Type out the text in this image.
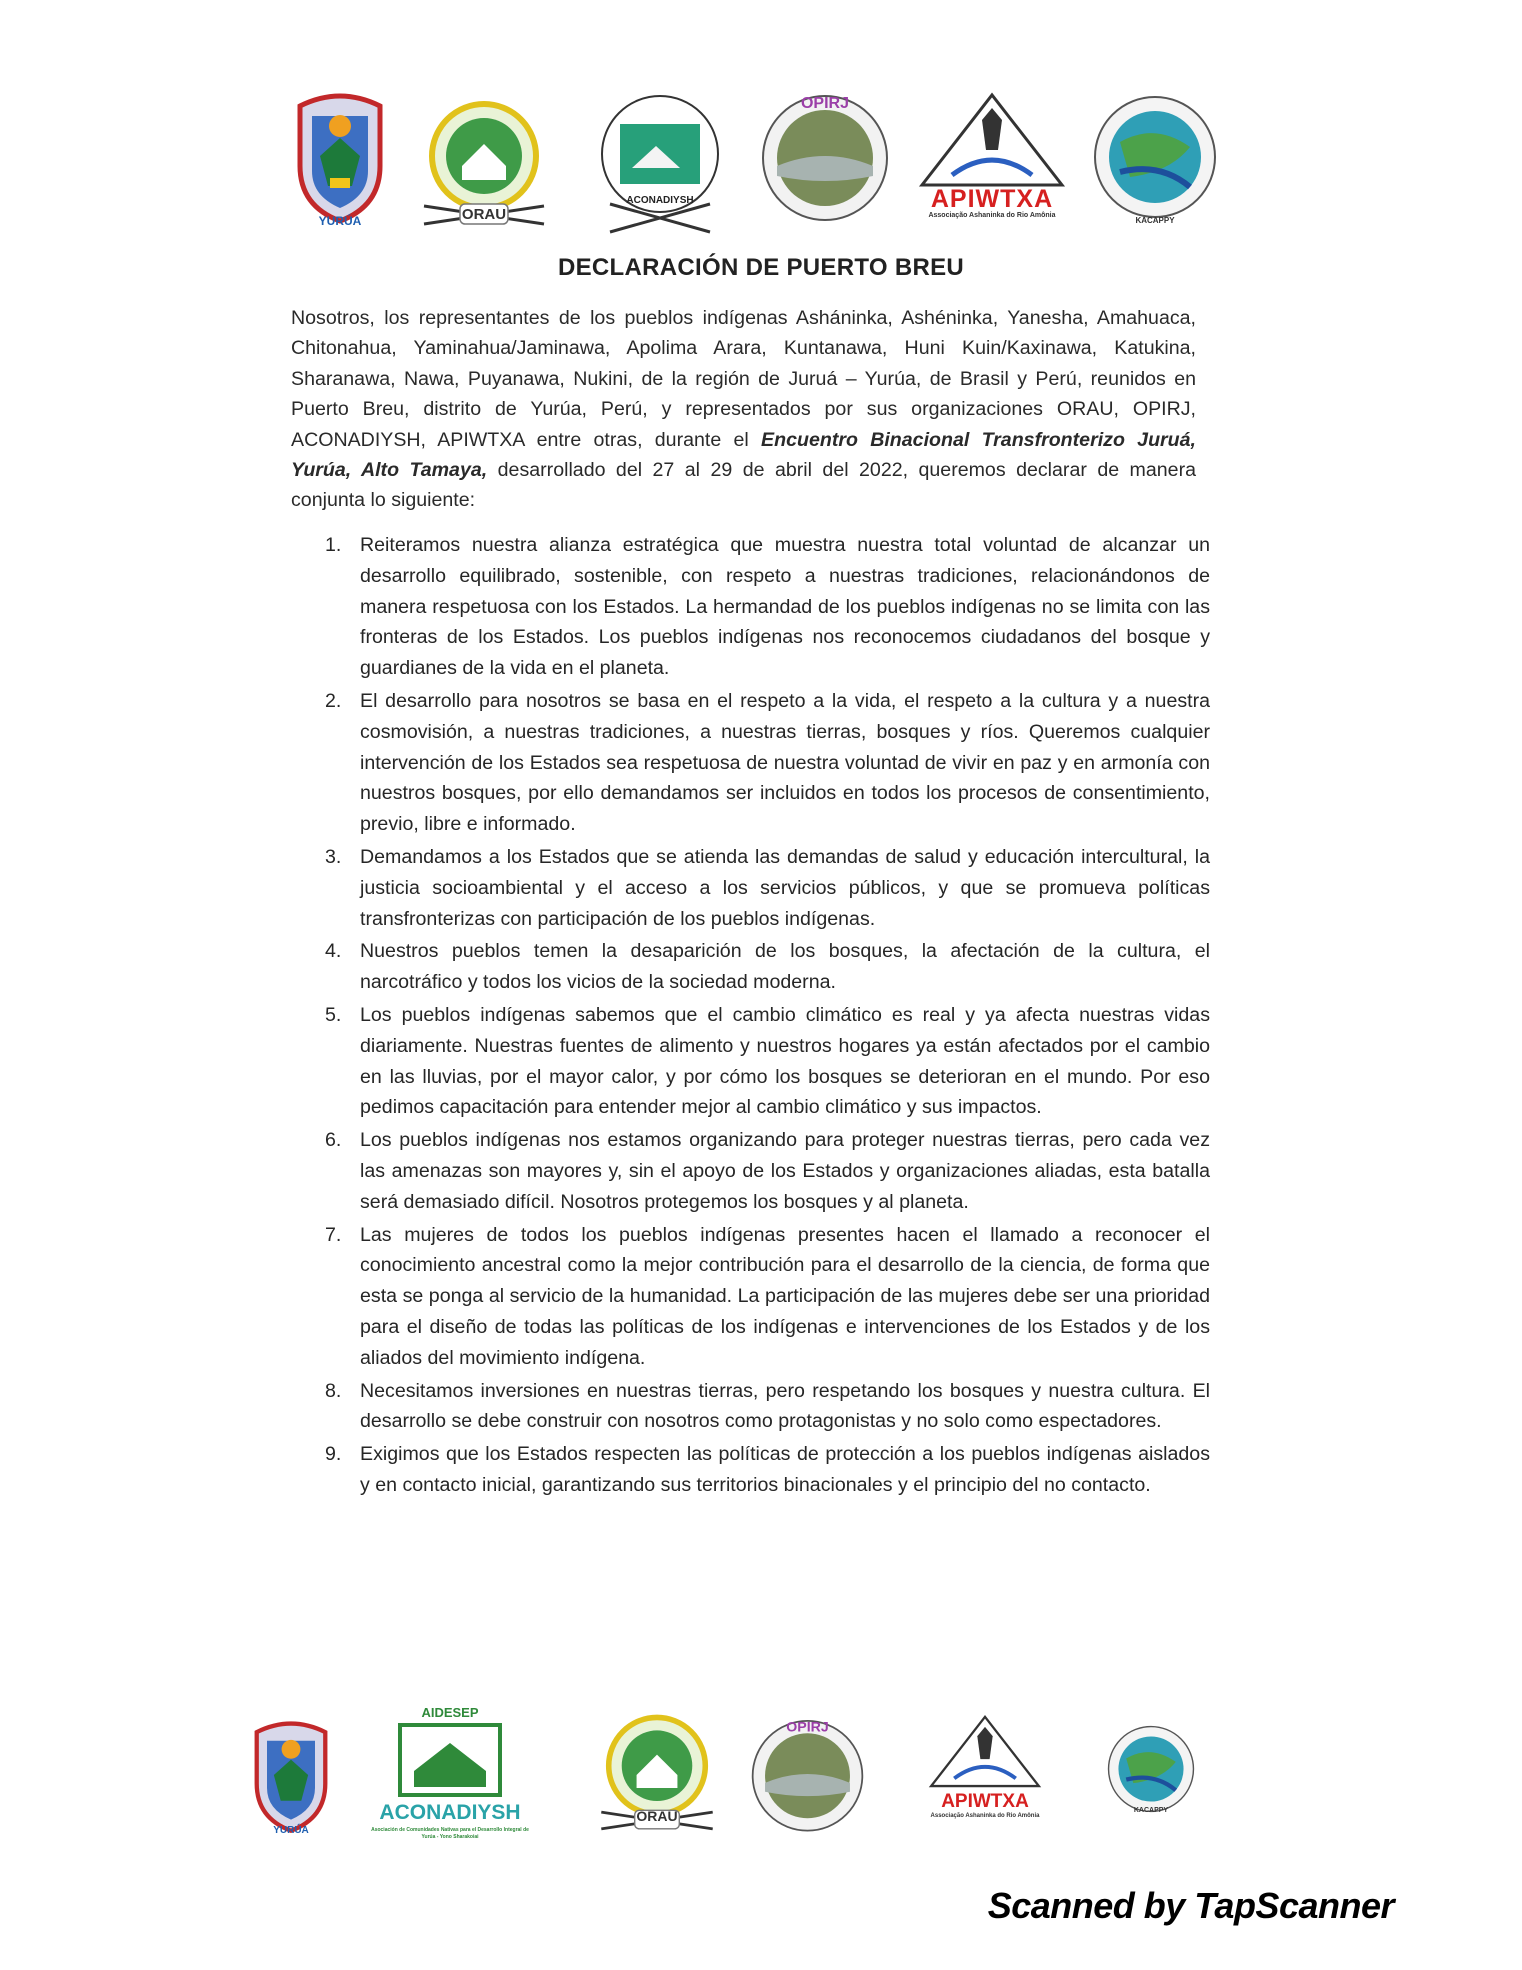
YURÚA	ORAU
ACONADIYSH
OPIRJ
APIWTXA
Associação Ashaninka do Rio Amônia
KACAPPY
DECLARACIÓN DE PUERTO BREU
Nosotros, los representantes de los pueblos indígenas Asháninka, Ashéninka, Yanesha, Amahuaca, Chitonahua, Yaminahua/Jaminawa, Apolima Arara, Kuntanawa, Huni Kuin/Kaxinawa, Katukina, Sharanawa, Nawa, Puyanawa, Nukini, de la región de Juruá – Yurúa, de Brasil y Perú, reunidos en Puerto Breu, distrito de Yurúa, Perú, y representados por sus organizaciones ORAU, OPIRJ, ACONADIYSH, APIWTXA entre otras, durante el Encuentro Binacional Transfronterizo Juruá, Yurúa, Alto Tamaya, desarrollado del 27 al 29 de abril del 2022, queremos declarar de manera conjunta lo siguiente:
1. Reiteramos nuestra alianza estratégica que muestra nuestra total voluntad de alcanzar un desarrollo equilibrado, sostenible, con respeto a nuestras tradiciones, relacionándonos de manera respetuosa con los Estados. La hermandad de los pueblos indígenas no se limita con las fronteras de los Estados. Los pueblos indígenas nos reconocemos ciudadanos del bosque y guardianes de la vida en el planeta.
2. El desarrollo para nosotros se basa en el respeto a la vida, el respeto a la cultura y a nuestra cosmovisión, a nuestras tradiciones, a nuestras tierras, bosques y ríos. Queremos cualquier intervención de los Estados sea respetuosa de nuestra voluntad de vivir en paz y en armonía con nuestros bosques, por ello demandamos ser incluidos en todos los procesos de consentimiento, previo, libre e informado.
3. Demandamos a los Estados que se atienda las demandas de salud y educación intercultural, la justicia socioambiental y el acceso a los servicios públicos, y que se promueva políticas transfronterizas con participación de los pueblos indígenas.
4. Nuestros pueblos temen la desaparición de los bosques, la afectación de la cultura, el narcotráfico y todos los vicios de la sociedad moderna.
5. Los pueblos indígenas sabemos que el cambio climático es real y ya afecta nuestras vidas diariamente. Nuestras fuentes de alimento y nuestros hogares ya están afectados por el cambio en las lluvias, por el mayor calor, y por cómo los bosques se deterioran en el mundo. Por eso pedimos capacitación para entender mejor al cambio climático y sus impactos.
6. Los pueblos indígenas nos estamos organizando para proteger nuestras tierras, pero cada vez las amenazas son mayores y, sin el apoyo de los Estados y organizaciones aliadas, esta batalla será demasiado difícil. Nosotros protegemos los bosques y al planeta.
7. Las mujeres de todos los pueblos indígenas presentes hacen el llamado a reconocer el conocimiento ancestral como la mejor contribución para el desarrollo de la ciencia, de forma que esta se ponga al servicio de la humanidad. La participación de las mujeres debe ser una prioridad para el diseño de todas las políticas de los indígenas e intervenciones de los Estados y de los aliados del movimiento indígena.
8. Necesitamos inversiones en nuestras tierras, pero respetando los bosques y nuestra cultura. El desarrollo se debe construir con nosotros como protagonistas y no solo como espectadores.
9. Exigimos que los Estados respecten las políticas de protección a los pueblos indígenas aislados y en contacto inicial, garantizando sus territorios binacionales y el principio del no contacto.
YURÚA
AIDESEP
ACONADIYSH
Asociación de Comunidades Nativas para el Desarrollo Integral de Yurúa - Yono Sharakoiai
ORAU
OPIRJ
APIWTXA
Associação Ashaninka do Rio Amônia
KACAPPY
Scanned by TapScanner
